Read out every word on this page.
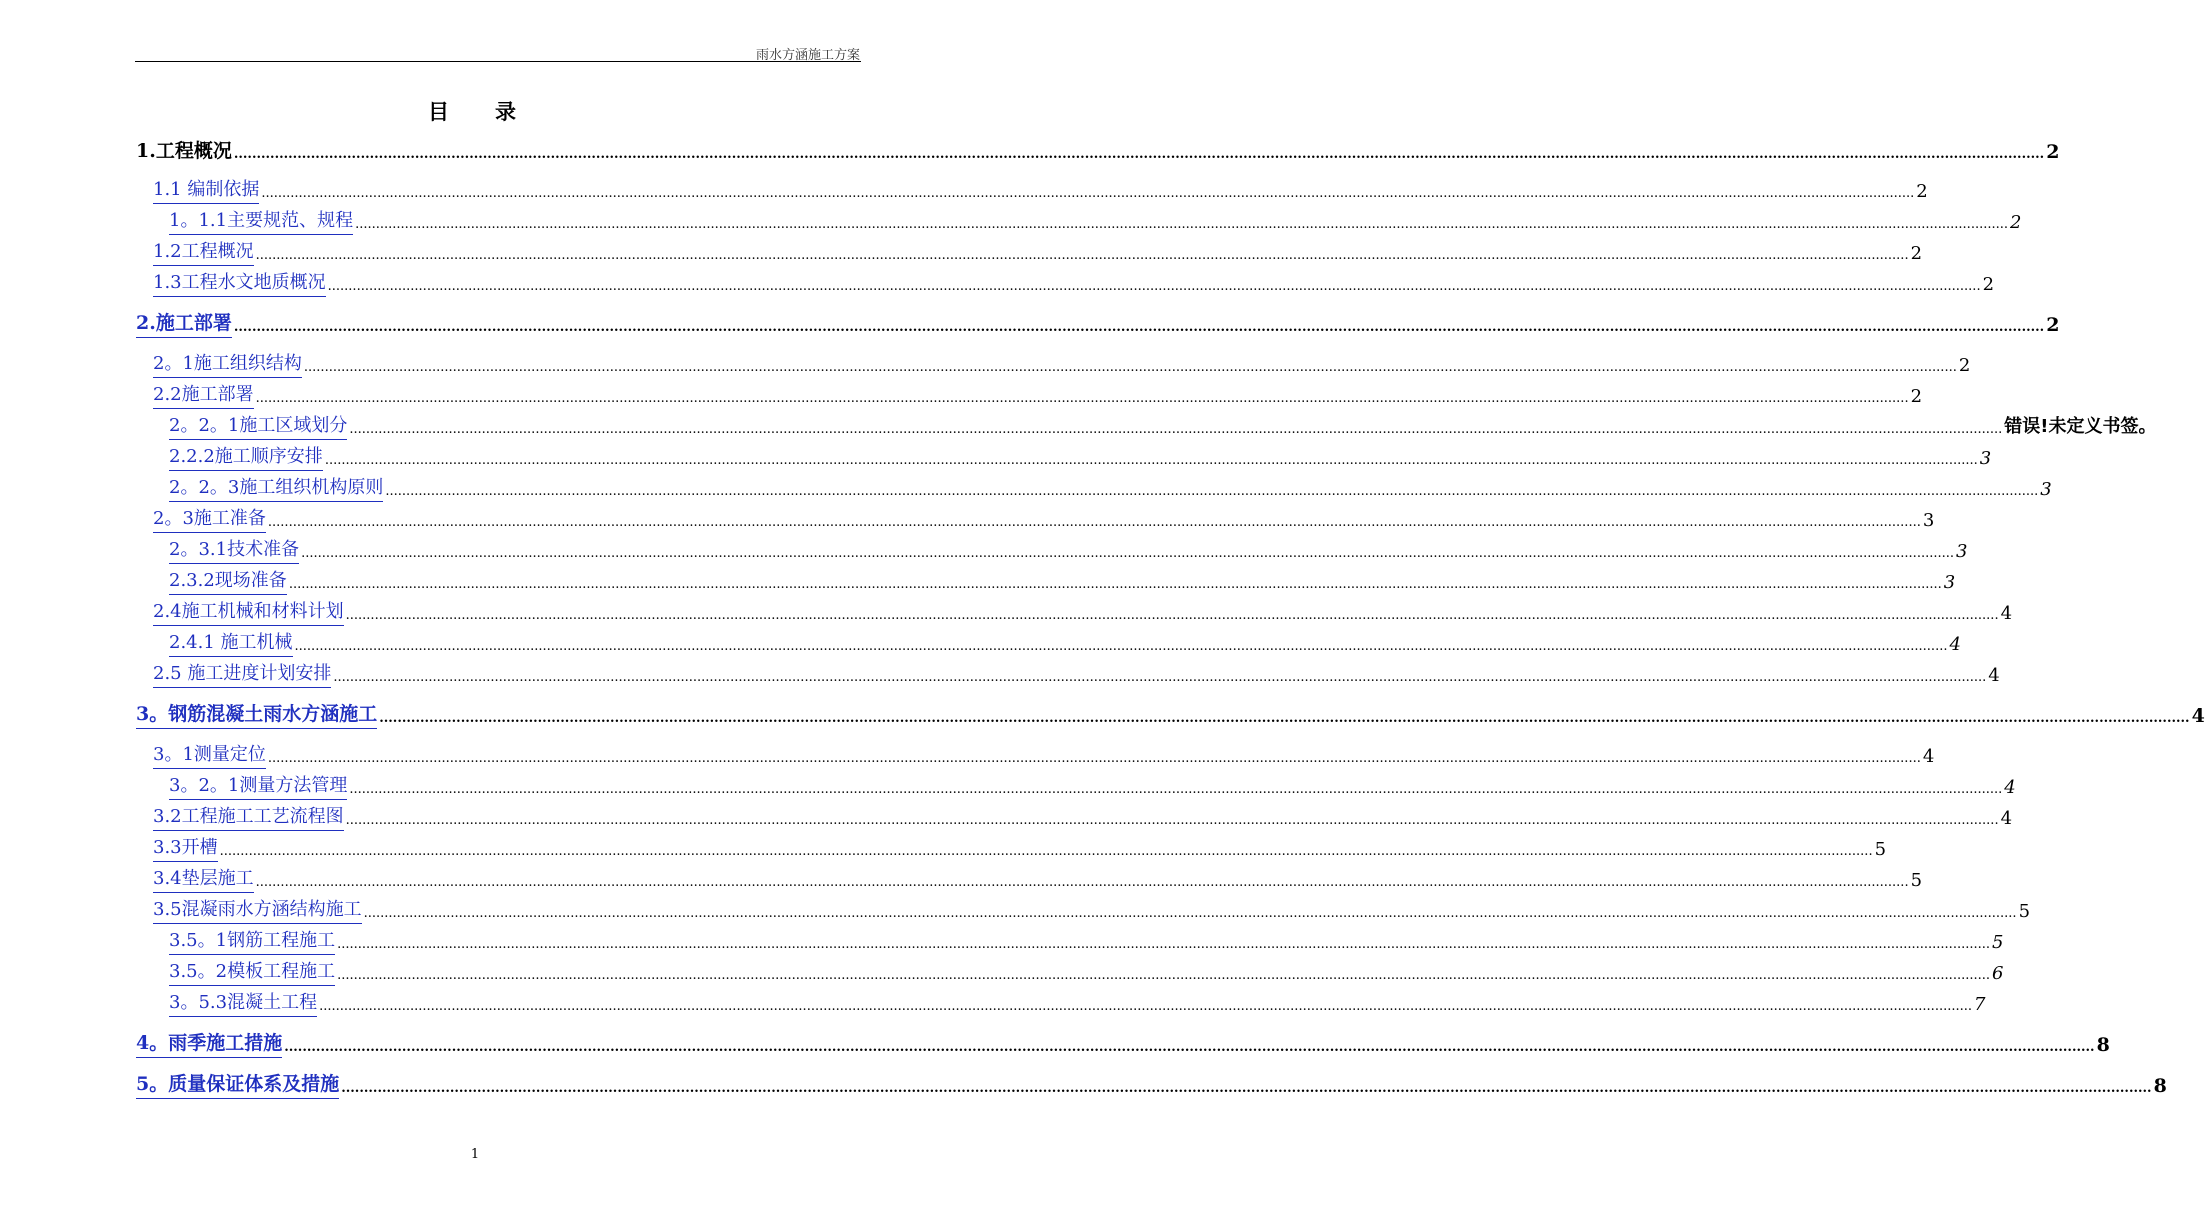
雨水方涵施工方案
目录
1.工程概况 ................................................................................................................................................................................................................................................................................................................................................................................................................ 2
1.1 编制依据 ................................................................................................................................................................................................................................................................................................................................................................................................................ 2
1。1.1主要规范、规程 ................................................................................................................................................................................................................................................................................................................................................................................................................ 2
1.2工程概况 ................................................................................................................................................................................................................................................................................................................................................................................................................ 2
1.3工程水文地质概况 ................................................................................................................................................................................................................................................................................................................................................................................................................ 2
2.施工部署 ................................................................................................................................................................................................................................................................................................................................................................................................................ 2
2。1施工组织结构 ................................................................................................................................................................................................................................................................................................................................................................................................................ 2
2.2施工部署 ................................................................................................................................................................................................................................................................................................................................................................................................................ 2
2。2。1施工区域划分 ................................................................................................................................................................................................................................................................................................................................................................................................................ 错误!未定义书签。
2.2.2施工顺序安排 ................................................................................................................................................................................................................................................................................................................................................................................................................ 3
2。2。3施工组织机构原则 ................................................................................................................................................................................................................................................................................................................................................................................................................ 3
2。3施工准备 ................................................................................................................................................................................................................................................................................................................................................................................................................ 3
2。3.1技术准备 ................................................................................................................................................................................................................................................................................................................................................................................................................ 3
2.3.2现场准备 ................................................................................................................................................................................................................................................................................................................................................................................................................ 3
2.4施工机械和材料计划 ................................................................................................................................................................................................................................................................................................................................................................................................................ 4
2.4.1 施工机械 ................................................................................................................................................................................................................................................................................................................................................................................................................ 4
2.5 施工进度计划安排 ................................................................................................................................................................................................................................................................................................................................................................................................................ 4
3。钢筋混凝土雨水方涵施工 ................................................................................................................................................................................................................................................................................................................................................................................................................ 4
3。1测量定位 ................................................................................................................................................................................................................................................................................................................................................................................................................ 4
3。2。1测量方法管理 ................................................................................................................................................................................................................................................................................................................................................................................................................ 4
3.2工程施工工艺流程图 ................................................................................................................................................................................................................................................................................................................................................................................................................ 4
3.3开槽 ................................................................................................................................................................................................................................................................................................................................................................................................................ 5
3.4垫层施工 ................................................................................................................................................................................................................................................................................................................................................................................................................ 5
3.5混凝雨水方涵结构施工 ................................................................................................................................................................................................................................................................................................................................................................................................................ 5
3.5。1钢筋工程施工 ................................................................................................................................................................................................................................................................................................................................................................................................................ 5
3.5。2模板工程施工 ................................................................................................................................................................................................................................................................................................................................................................................................................ 6
3。5.3混凝土工程 ................................................................................................................................................................................................................................................................................................................................................................................................................ 7
4。雨季施工措施 ................................................................................................................................................................................................................................................................................................................................................................................................................ 8
5。质量保证体系及措施 ................................................................................................................................................................................................................................................................................................................................................................................................................ 8
1
